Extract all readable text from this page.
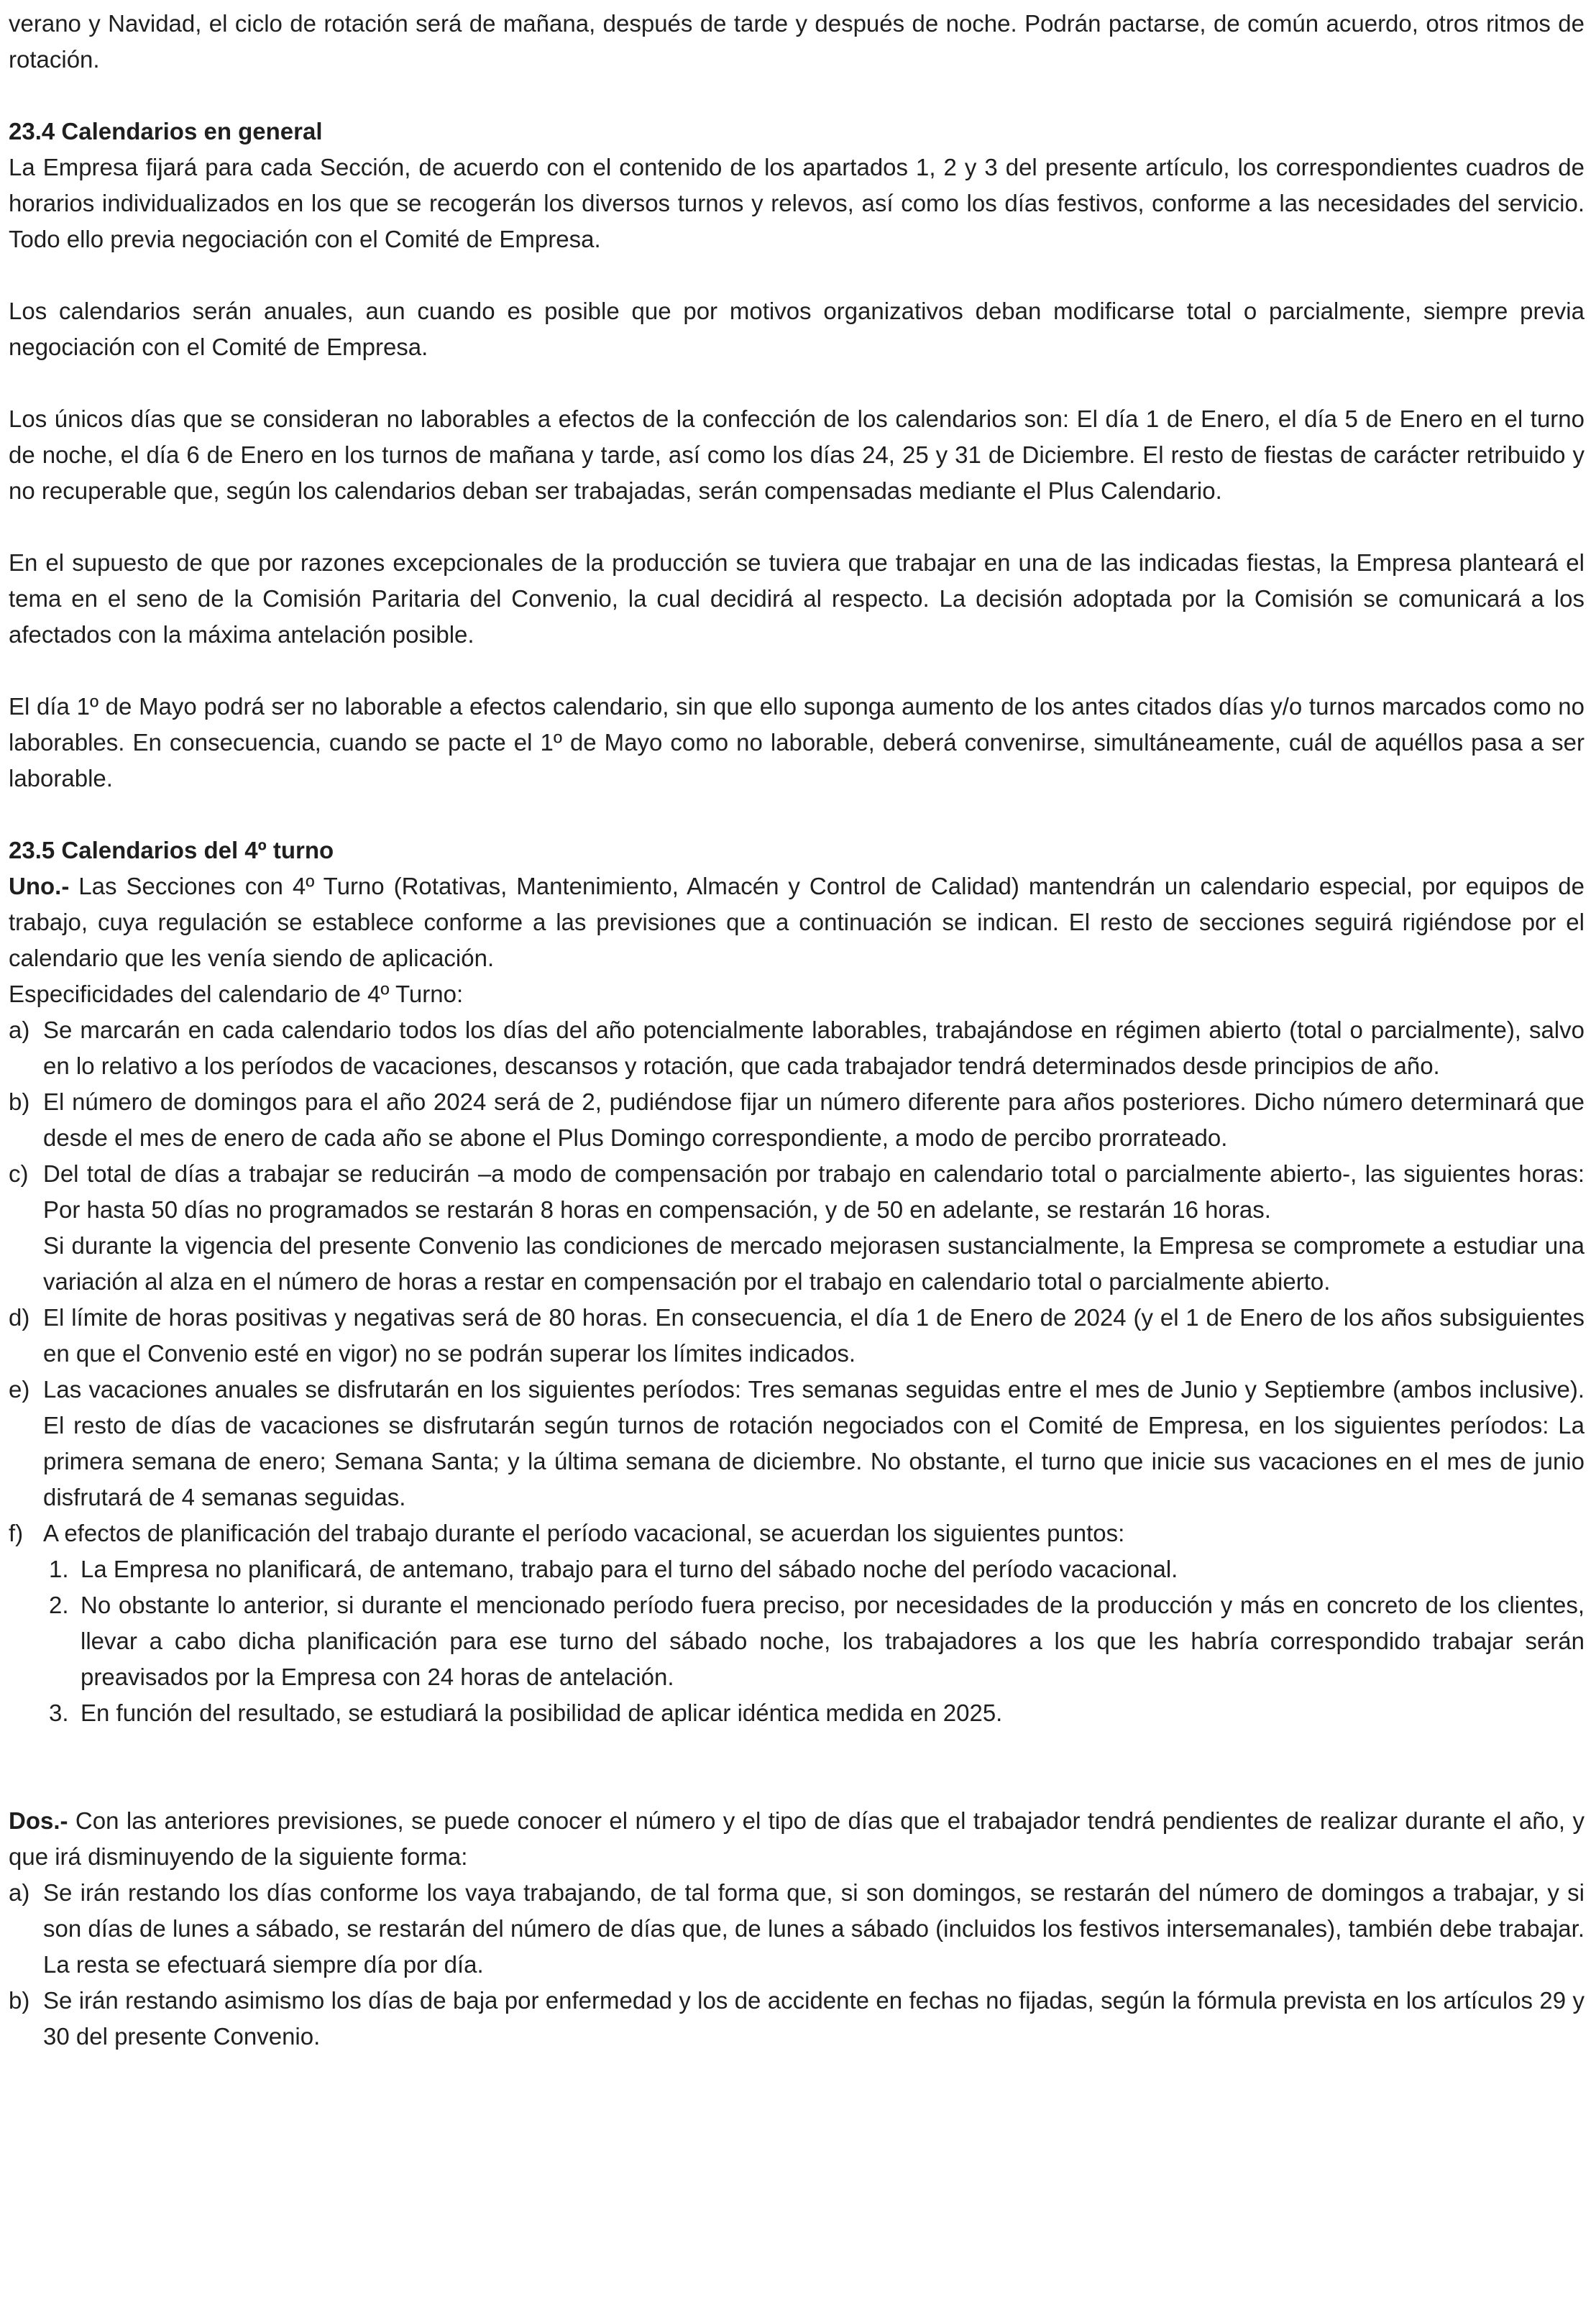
verano y Navidad, el ciclo de rotación será de mañana, después de tarde y después de noche. Podrán pactarse, de común acuerdo, otros ritmos de rotación.

23.4 Calendarios en general

La Empresa fijará para cada Sección, de acuerdo con el contenido de los apartados 1, 2 y 3 del presente artículo, los correspondientes cuadros de horarios individualizados en los que se recogerán los diversos turnos y relevos, así como los días festivos, conforme a las necesidades del servicio. Todo ello previa negociación con el Comité de Empresa.

Los calendarios serán anuales, aun cuando es posible que por motivos organizativos deban modificarse total o parcialmente, siempre previa negociación con el Comité de Empresa.

Los únicos días que se consideran no laborables a efectos de la confección de los calendarios son: El día 1 de Enero, el día 5 de Enero en el turno de noche, el día 6 de Enero en los turnos de mañana y tarde, así como los días 24, 25 y 31 de Diciembre. El resto de fiestas de carácter retribuido y no recuperable que, según los calendarios deban ser trabajadas, serán compensadas mediante el Plus Calendario.

En el supuesto de que por razones excepcionales de la producción se tuviera que trabajar en una de las indicadas fiestas, la Empresa planteará el tema en el seno de la Comisión Paritaria del Convenio, la cual decidirá al respecto. La decisión adoptada por la Comisión se comunicará a los afectados con la máxima antelación posible.

El día 1º de Mayo podrá ser no laborable a efectos calendario, sin que ello suponga aumento de los antes citados días y/o turnos marcados como no laborables. En consecuencia, cuando se pacte el 1º de Mayo como no laborable, deberá convenirse, simultáneamente, cuál de aquéllos pasa a ser laborable.

23.5 Calendarios del 4º turno

Uno.- Las Secciones con 4º Turno (Rotativas, Mantenimiento, Almacén y Control de Calidad) mantendrán un calendario especial, por equipos de trabajo, cuya regulación se establece conforme a las previsiones que a continuación se indican. El resto de secciones seguirá rigiéndose por el calendario que les venía siendo de aplicación.

Especificidades del calendario de 4º Turno:

a) Se marcarán en cada calendario todos los días del año potencialmente laborables, trabajándose en régimen abierto (total o parcialmente), salvo en lo relativo a los períodos de vacaciones, descansos y rotación, que cada trabajador tendrá determinados desde principios de año.

b) El número de domingos para el año 2024 será de 2, pudiéndose fijar un número diferente para años posteriores. Dicho número determinará que desde el mes de enero de cada año se abone el Plus Domingo correspondiente, a modo de percibo prorrateado.

c) Del total de días a trabajar se reducirán –a modo de compensación por trabajo en calendario total o parcialmente abierto-, las siguientes horas: Por hasta 50 días no programados se restarán 8 horas en compensación, y de 50 en adelante, se restarán 16 horas.

Si durante la vigencia del presente Convenio las condiciones de mercado mejorasen sustancialmente, la Empresa se compromete a estudiar una variación al alza en el número de horas a restar en compensación por el trabajo en calendario total o parcialmente abierto.

d) El límite de horas positivas y negativas será de 80 horas. En consecuencia, el día 1 de Enero de 2024 (y el 1 de Enero de los años subsiguientes en que el Convenio esté en vigor) no se podrán superar los límites indicados.

e) Las vacaciones anuales se disfrutarán en los siguientes períodos: Tres semanas seguidas entre el mes de Junio y Septiembre (ambos inclusive). El resto de días de vacaciones se disfrutarán según turnos de rotación negociados con el Comité de Empresa, en los siguientes períodos: La primera semana de enero; Semana Santa; y la última semana de diciembre. No obstante, el turno que inicie sus vacaciones en el mes de junio disfrutará de 4 semanas seguidas.

f) A efectos de planificación del trabajo durante el período vacacional, se acuerdan los siguientes puntos:

1. La Empresa no planificará, de antemano, trabajo para el turno del sábado noche del período vacacional.

2. No obstante lo anterior, si durante el mencionado período fuera preciso, por necesidades de la producción y más en concreto de los clientes, llevar a cabo dicha planificación para ese turno del sábado noche, los trabajadores a los que les habría correspondido trabajar serán preavisados por la Empresa con 24 horas de antelación.

3. En función del resultado, se estudiará la posibilidad de aplicar idéntica medida en 2025.

Dos.- Con las anteriores previsiones, se puede conocer el número y el tipo de días que el trabajador tendrá pendientes de realizar durante el año, y que irá disminuyendo de la siguiente forma:

a) Se irán restando los días conforme los vaya trabajando, de tal forma que, si son domingos, se restarán del número de domingos a trabajar, y si son días de lunes a sábado, se restarán del número de días que, de lunes a sábado (incluidos los festivos intersemanales), también debe trabajar. La resta se efectuará siempre día por día.

b) Se irán restando asimismo los días de baja por enfermedad y los de accidente en fechas no fijadas, según la fórmula prevista en los artículos 29 y 30 del presente Convenio.
